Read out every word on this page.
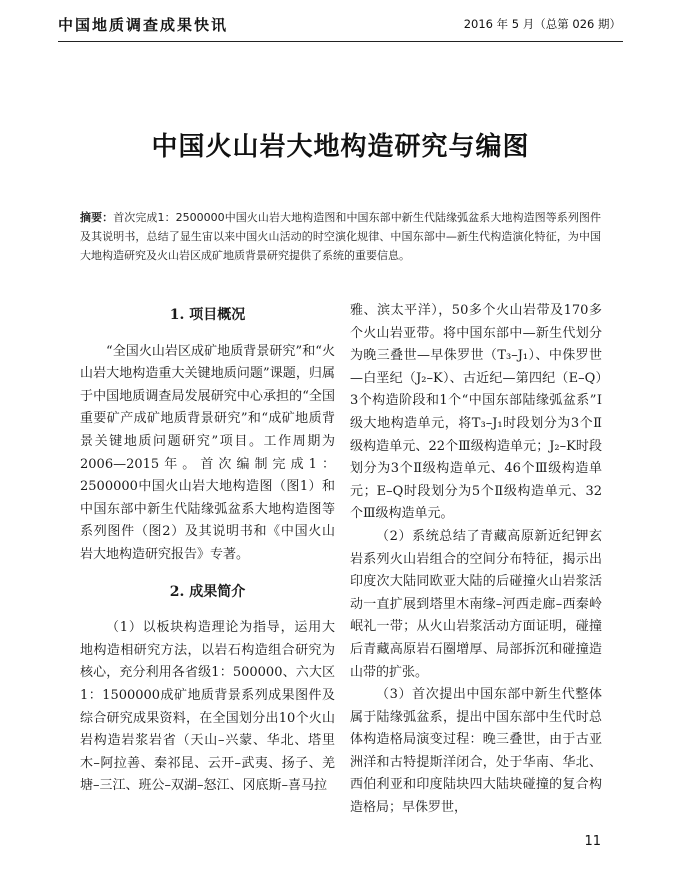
中国地质调查成果快讯	2016 年 5 月（总第 026 期）
中国火山岩大地构造研究与编图
摘要：首次完成1：2500000中国火山岩大地构造图和中国东部中新生代陆缘弧盆系大地构造图等系列图件及其说明书，总结了显生宙以来中国火山活动的时空演化规律、中国东部中—新生代构造演化特征，为中国大地构造研究及火山岩区成矿地质背景研究提供了系统的重要信息。
1. 项目概况

“全国火山岩区成矿地质背景研究”和“火山岩大地构造重大关键地质问题”课题，归属于中国地质调查局发展研究中心承担的“全国重要矿产成矿地质背景研究”和“成矿地质背景关键地质问题研究”项目。工作周期为2006—2015年。首次编制完成1：2500000中国火山岩大地构造图（图1）和中国东部中新生代陆缘弧盆系大地构造图等系列图件（图2）及其说明书和《中国火山岩大地构造研究报告》专著。

2. 成果简介

（1）以板块构造理论为指导，运用大地构造相研究方法，以岩石构造组合研究为核心，充分利用各省级1：500000、六大区1：1500000成矿地质背景系列成果图件及综合研究成果资料，在全国划分出10个火山岩构造岩浆岩省（天山–兴蒙、华北、塔里木–阿拉善、秦祁昆、云开–武夷、扬子、羌塘–三江、班公–双湖–怒江、冈底斯–喜马拉

雅、滨太平洋），50多个火山岩带及170多个火山岩亚带。将中国东部中—新生代划分为晚三叠世—早侏罗世（T₃–J₁）、中侏罗世—白垩纪（J₂–K）、古近纪—第四纪（E–Q）3个构造阶段和1个“中国东部陆缘弧盆系”Ⅰ级大地构造单元，将T₃–J₁时段划分为3个Ⅱ级构造单元、22个Ⅲ级构造单元；J₂–K时段划分为3个Ⅱ级构造单元、46个Ⅲ级构造单元；E–Q时段划分为5个Ⅱ级构造单元、32个Ⅲ级构造单元。

（2）系统总结了青藏高原新近纪钾玄岩系列火山岩组合的空间分布特征，揭示出印度次大陆同欧亚大陆的后碰撞火山岩浆活动一直扩展到塔里木南缘–河西走廊–西秦岭岷礼一带；从火山岩浆活动方面证明，碰撞后青藏高原岩石圈增厚、局部拆沉和碰撞造山带的扩张。

（3）首次提出中国东部中新生代整体属于陆缘弧盆系，提出中国东部中生代时总体构造格局演变过程：晚三叠世，由于古亚洲洋和古特提斯洋闭合，处于华南、华北、西伯利亚和印度陆块四大陆块碰撞的复合构造格局；早侏罗世，

11
